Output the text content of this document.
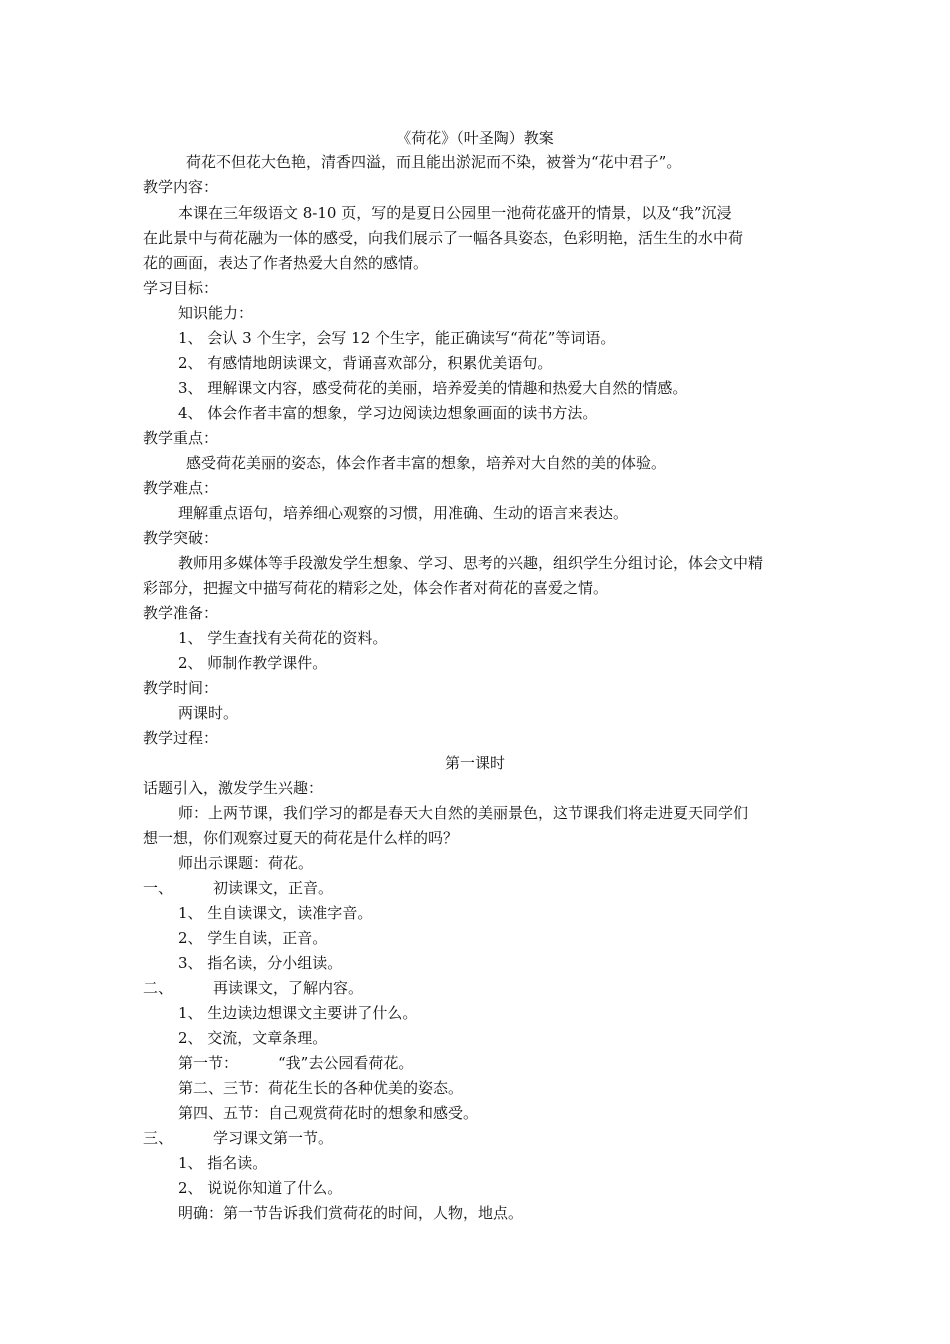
《荷花》（叶圣陶）教案
荷花不但花大色艳，清香四溢，而且能出淤泥而不染，被誉为“花中君子”。
教学内容：
本课在三年级语文 8-10 页，写的是夏日公园里一池荷花盛开的情景，以及“我”沉浸
在此景中与荷花融为一体的感受，向我们展示了一幅各具姿态，色彩明艳，活生生的水中荷
花的画面，表达了作者热爱大自然的感情。
学习目标：
知识能力：
1、 会认 3 个生字，会写 12 个生字，能正确读写“荷花”等词语。
2、 有感情地朗读课文，背诵喜欢部分，积累优美语句。
3、 理解课文内容，感受荷花的美丽，培养爱美的情趣和热爱大自然的情感。
4、 体会作者丰富的想象，学习边阅读边想象画面的读书方法。
教学重点：
感受荷花美丽的姿态，体会作者丰富的想象，培养对大自然的美的体验。
教学难点：
理解重点语句，培养细心观察的习惯，用准确、生动的语言来表达。
教学突破：
教师用多媒体等手段激发学生想象、学习、思考的兴趣，组织学生分组讨论，体会文中精
彩部分，把握文中描写荷花的精彩之处，体会作者对荷花的喜爱之情。
教学准备：
1、 学生查找有关荷花的资料。
2、 师制作教学课件。
教学时间：
两课时。
教学过程：
第一课时
话题引入，激发学生兴趣：
师：上两节课，我们学习的都是春天大自然的美丽景色，这节课我们将走进夏天同学们
想一想，你们观察过夏天的荷花是什么样的吗？
师出示课题：荷花。
一、	初读课文，正音。
1、 生自读课文，读准字音。
2、 学生自读，正音。
3、 指名读，分小组读。
二、	再读课文，了解内容。
1、 生边读边想课文主要讲了什么。
2、 交流，文章条理。
第一节：	“我”去公园看荷花。
第二、三节：荷花生长的各种优美的姿态。
第四、五节：自己观赏荷花时的想象和感受。
三、	学习课文第一节。
1、 指名读。
2、 说说你知道了什么。
明确：第一节告诉我们赏荷花的时间，人物，地点。
